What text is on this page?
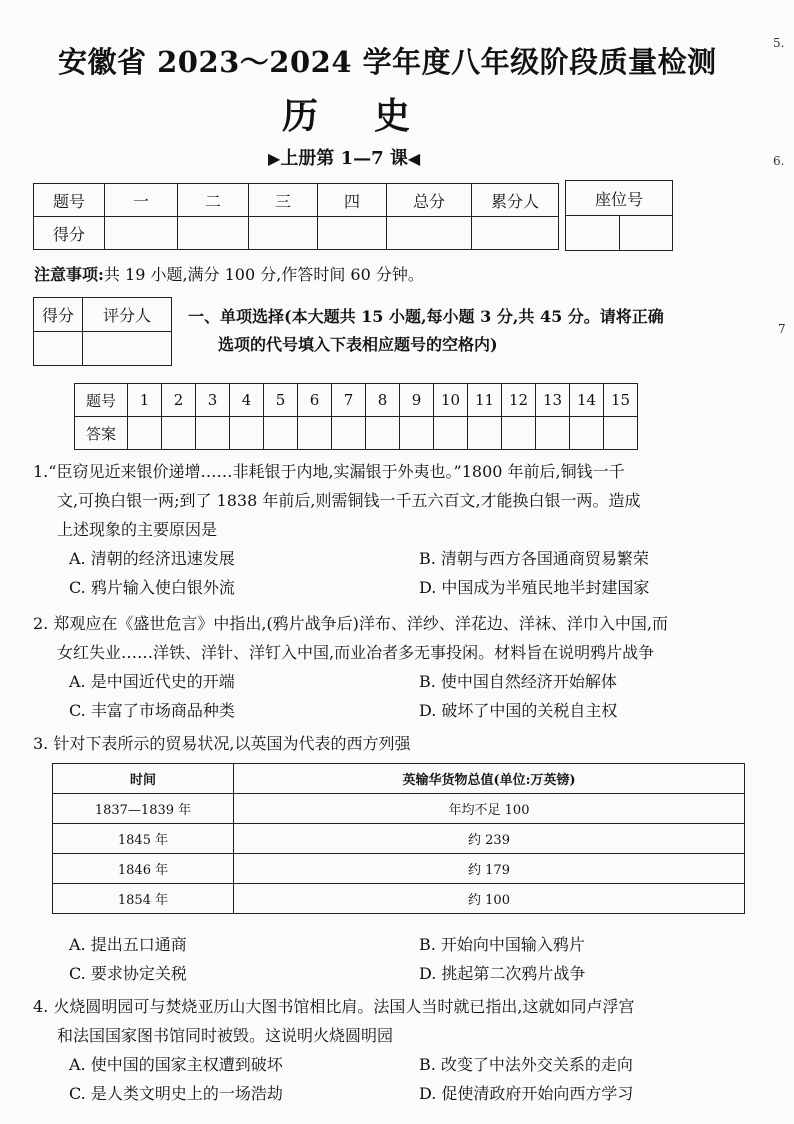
安徽省 2023～2024 学年度八年级阶段质量检测
历史
▶上册第 1—7 课◀
题号	一	二	三	四	总分	累分人
得分						
座位号

注意事项:共 19 小题,满分 100 分,作答时间 60 分钟。
得分	评分人
	一、单项选择(本大题共 15 小题,每小题 3 分,共 45 分。请将正确
选项的代号填入下表相应题号的空格内)
题号	1	2	3	4	5	6	7	8	9	10	11	12	13	14	15
答案															
1.“臣窃见近来银价递增……非耗银于内地,实漏银于外夷也。”1800 年前后,铜钱一千
文,可换白银一两;到了 1838 年前后,则需铜钱一千五六百文,才能换白银一两。造成
上述现象的主要原因是
A. 清朝的经济迅速发展	B. 清朝与西方各国通商贸易繁荣
C. 鸦片输入使白银外流	D. 中国成为半殖民地半封建国家
2. 郑观应在《盛世危言》中指出,(鸦片战争后)洋布、洋纱、洋花边、洋袜、洋巾入中国,而
女红失业……洋铁、洋针、洋钉入中国,而业冶者多无事投闲。材料旨在说明鸦片战争
A. 是中国近代史的开端	B. 使中国自然经济开始解体
C. 丰富了市场商品种类	D. 破坏了中国的关税自主权
3. 针对下表所示的贸易状况,以英国为代表的西方列强
时间	英输华货物总值(单位:万英镑)
1837—1839 年	年均不足 100
1845 年	约 239
1846 年	约 179
1854 年	约 100
A. 提出五口通商	B. 开始向中国输入鸦片
C. 要求协定关税	D. 挑起第二次鸦片战争
4. 火烧圆明园可与焚烧亚历山大图书馆相比肩。法国人当时就已指出,这就如同卢浮宫
和法国国家图书馆同时被毁。这说明火烧圆明园
A. 使中国的国家主权遭到破坏	B. 改变了中法外交关系的走向
C. 是人类文明史上的一场浩劫	D. 促使清政府开始向西方学习
5.
6.
7
